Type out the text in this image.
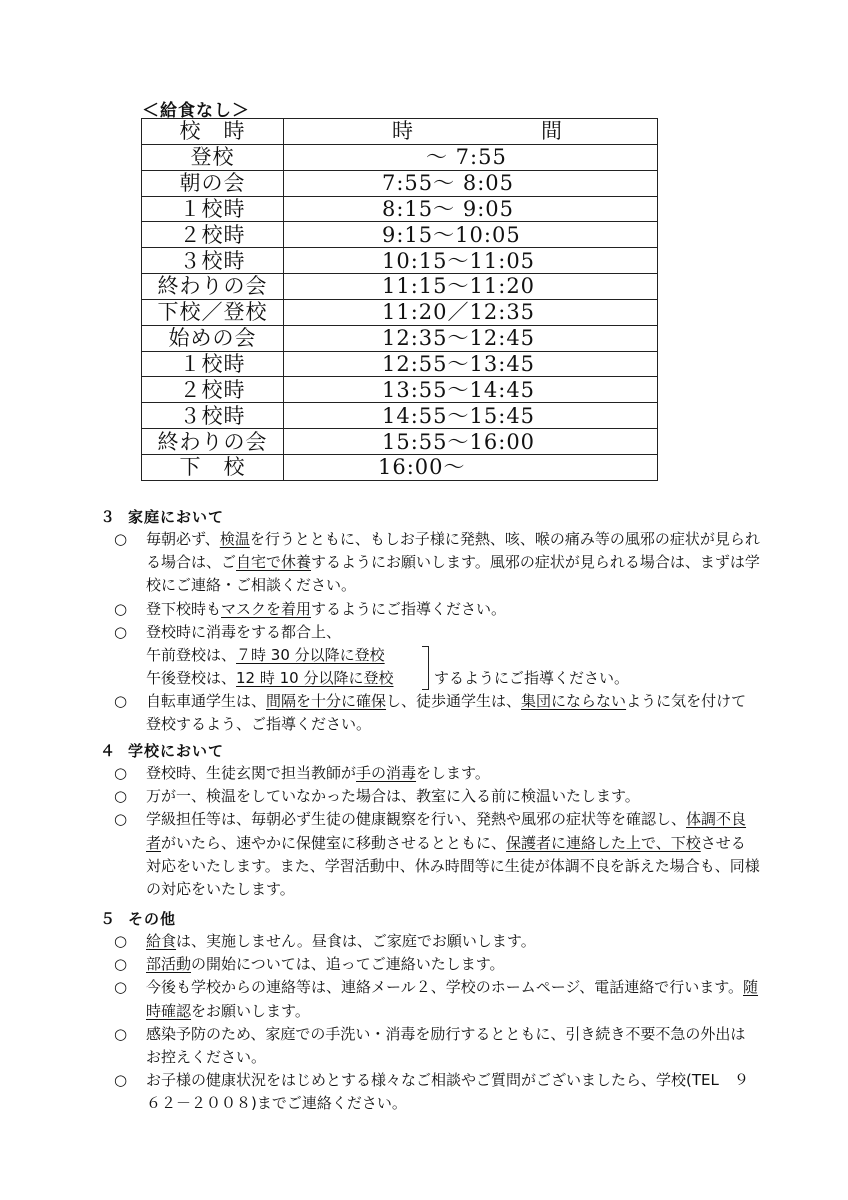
＜給食なし＞
校　時	時 間

登校	　　～ 7:55
朝の会	7:55～ 8:05
１校時	8:15～ 9:05
２校時	9:15～10:05
３校時	10:15～11:05
終わりの会	11:15～11:20
下校／登校	11:20／12:35
始めの会	12:35～12:45
１校時	12:55～13:45
２校時	13:55～14:45
３校時	14:55～15:45
終わりの会	15:55～16:00
下　校	16:00～
３ 家庭において
○ 毎朝必ず、検温を行うとともに、もしお子様に発熱、咳、喉の痛み等の風邪の症状が見られる場合は、ご自宅で休養するようにお願いします。風邪の症状が見られる場合は、まずは学校にご連絡・ご相談ください。
○ 登下校時もマスクを着用するようにご指導ください。
○ 登校時に消毒をする都合上、
午前登校は、７時 30 分以降に登校
午後登校は、12 時 10 分以降に登校	するようにご指導ください。
○ 自転車通学生は、間隔を十分に確保し、徒歩通学生は、集団にならないように気を付けて登校するよう、ご指導ください。
４ 学校において
○ 登校時、生徒玄関で担当教師が手の消毒をします。
○ 万が一、検温をしていなかった場合は、教室に入る前に検温いたします。
○ 学級担任等は、毎朝必ず生徒の健康観察を行い、発熱や風邪の症状等を確認し、体調不良者がいたら、速やかに保健室に移動させるとともに、保護者に連絡した上で、下校させる対応をいたします。また、学習活動中、休み時間等に生徒が体調不良を訴えた場合も、同様の対応をいたします。
５ その他
○ 給食は、実施しません。昼食は、ご家庭でお願いします。
○ 部活動の開始については、追ってご連絡いたします。
○ 今後も学校からの連絡等は、連絡メール２、学校のホームページ、電話連絡で行います。随時確認をお願いします。
○ 感染予防のため、家庭での手洗い・消毒を励行するとともに、引き続き不要不急の外出はお控えください。
○ お子様の健康状況をはじめとする様々なご相談やご質問がございましたら、学校(TEL　９６２－２００８)までご連絡ください。
